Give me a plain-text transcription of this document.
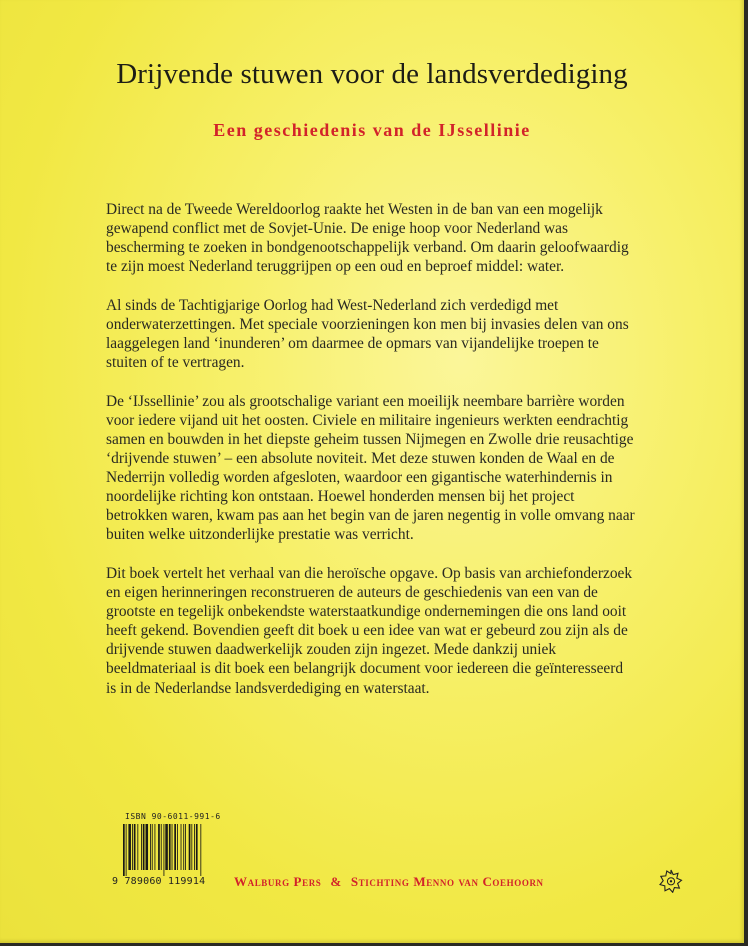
Drijvende stuwen voor de landsverdediging
Een geschiedenis van de IJssellinie

Direct na de Tweede Wereldoorlog raakte het Westen in de ban van een mogelijk gewapend conflict met de Sovjet-Unie. De enige hoop voor Nederland was bescherming te zoeken in bondgenootschappelijk verband. Om daarin geloofwaardig te zijn moest Nederland teruggrijpen op een oud en beproef middel: water.

Al sinds de Tachtigjarige Oorlog had West-Nederland zich verdedigd met onderwaterzettingen. Met speciale voorzieningen kon men bij invasies delen van ons laaggelegen land ‘inunderen’ om daarmee de opmars van vijandelijke troepen te stuiten of te vertragen.

De ‘IJssellinie’ zou als grootschalige variant een moeilijk neembare barrière worden voor iedere vijand uit het oosten. Civiele en militaire ingenieurs werkten eendrachtig samen en bouwden in het diepste geheim tussen Nijmegen en Zwolle drie reusachtige ‘drijvende stuwen’ – een absolute noviteit. Met deze stuwen konden de Waal en de Nederrijn volledig worden afgesloten, waardoor een gigantische waterhindernis in noordelijke richting kon ontstaan. Hoewel honderden mensen bij het project betrokken waren, kwam pas aan het begin van de jaren negentig in volle omvang naar buiten welke uitzonderlijke prestatie was verricht.

Dit boek vertelt het verhaal van die heroïsche opgave. Op basis van archiefonderzoek en eigen herinneringen reconstrueren de auteurs de geschiedenis van een van de grootste en tegelijk onbekendste waterstaatkundige ondernemingen die ons land ooit heeft gekend. Bovendien geeft dit boek u een idee van wat er gebeurd zou zijn als de drijvende stuwen daadwerkelijk zouden zijn ingezet. Mede dankzij uniek beeldmateriaal is dit boek een belangrijk document voor iedereen die geïnteresseerd is in de Nederlandse landsverdediging en waterstaat.

ISBN 90-6011-991-6
9 789060 119914 Walburg Pers & Stichting Menno van Coehoorn
